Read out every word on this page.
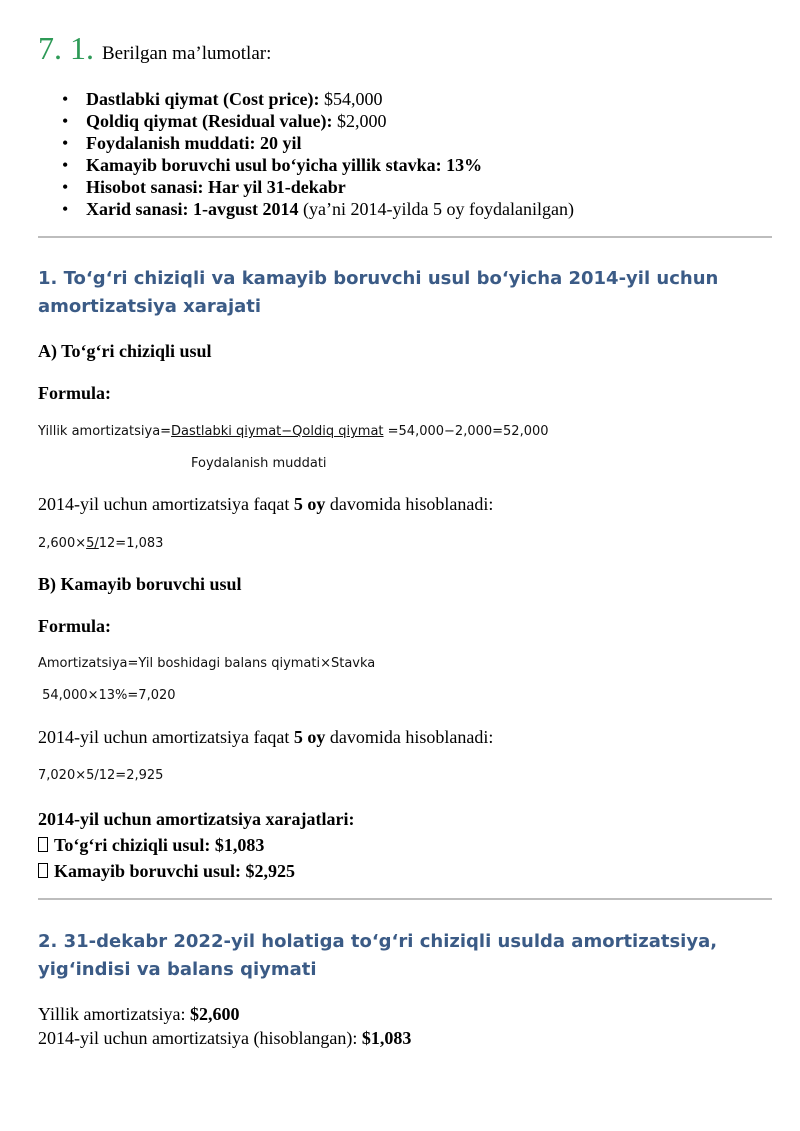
7. 1. Berilgan ma’lumotlar:
• Dastlabki qiymat (Cost price): $54,000
• Qoldiq qiymat (Residual value): $2,000
• Foydalanish muddati: 20 yil
• Kamayib boruvchi usul bo‘yicha yillik stavka: 13%
• Hisobot sanasi: Har yil 31-dekabr
• Xarid sanasi: 1-avgust 2014 (ya’ni 2014-yilda 5 oy foydalanilgan)
1. To‘g‘ri chiziqli va kamayib boruvchi usul bo‘yicha 2014-yil uchun amortizatsiya xarajati
A) To‘g‘ri chiziqli usul
Formula:
Yillik amortizatsiya=Dastlabki qiymat−Qoldiq qiymat =54,000−2,000=52,000
Foydalanish muddati
2014-yil uchun amortizatsiya faqat 5 oy davomida hisoblanadi:
2,600×5/12=1,083
B) Kamayib boruvchi usul
Formula:
Amortizatsiya=Yil boshidagi balans qiymati×Stavka
54,000×13%=7,020
2014-yil uchun amortizatsiya faqat 5 oy davomida hisoblanadi:
7,020×5/12=2,925
2014-yil uchun amortizatsiya xarajatlari:
To‘g‘ri chiziqli usul: $1,083
Kamayib boruvchi usul: $2,925
2. 31-dekabr 2022-yil holatiga to‘g‘ri chiziqli usulda amortizatsiya, yig‘indisi va balans qiymati
Yillik amortizatsiya: $2,600
2014-yil uchun amortizatsiya (hisoblangan): $1,083
